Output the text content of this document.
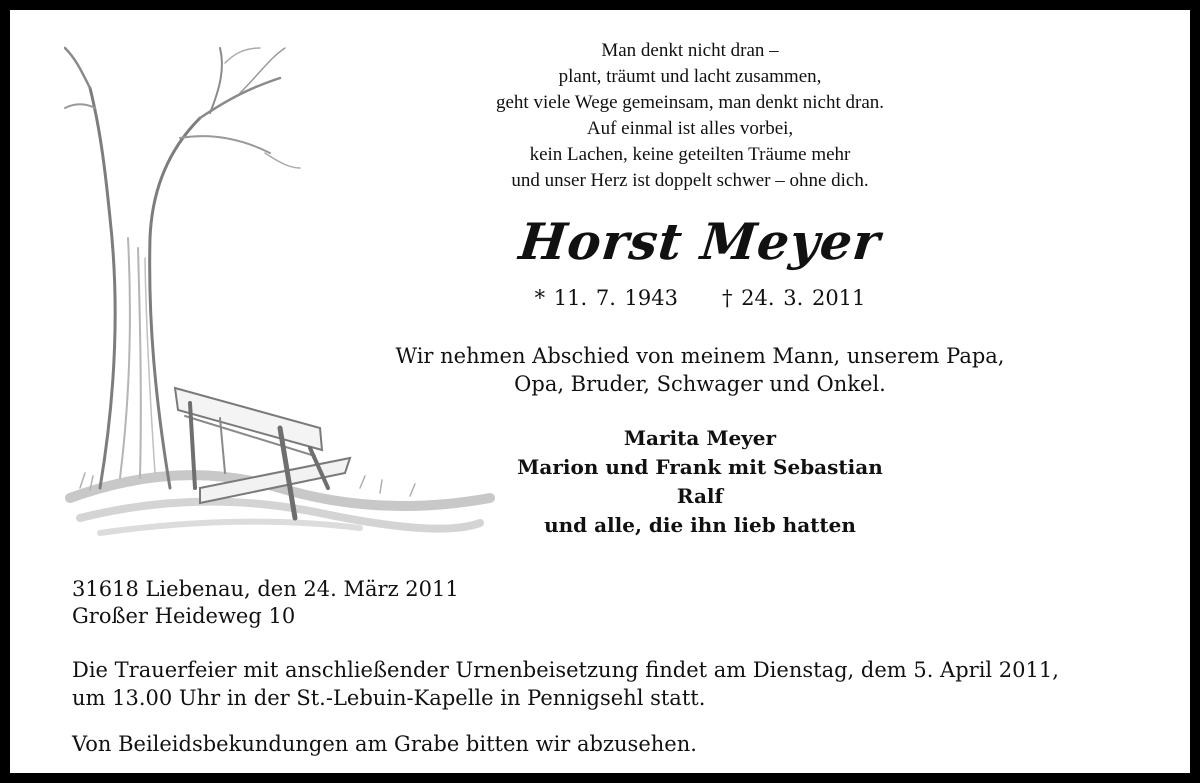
Man denkt nicht dran –
plant, träumt und lacht zusammen,
geht viele Wege gemeinsam, man denkt nicht dran.
Auf einmal ist alles vorbei,
kein Lachen, keine geteilten Träume mehr
und unser Herz ist doppelt schwer – ohne dich.
Horst Meyer
* 11. 7. 1943 † 24. 3. 2011
Wir nehmen Abschied von meinem Mann, unserem Papa,
Opa, Bruder, Schwager und Onkel.
Marita Meyer
Marion und Frank mit Sebastian
Ralf
und alle, die ihn lieb hatten
31618 Liebenau, den 24. März 2011
Großer Heideweg 10
Die Trauerfeier mit anschließender Urnenbeisetzung findet am Dienstag, dem 5. April 2011,
um 13.00 Uhr in der St.-Lebuin-Kapelle in Pennigsehl statt.
Von Beileidsbekundungen am Grabe bitten wir abzusehen.
